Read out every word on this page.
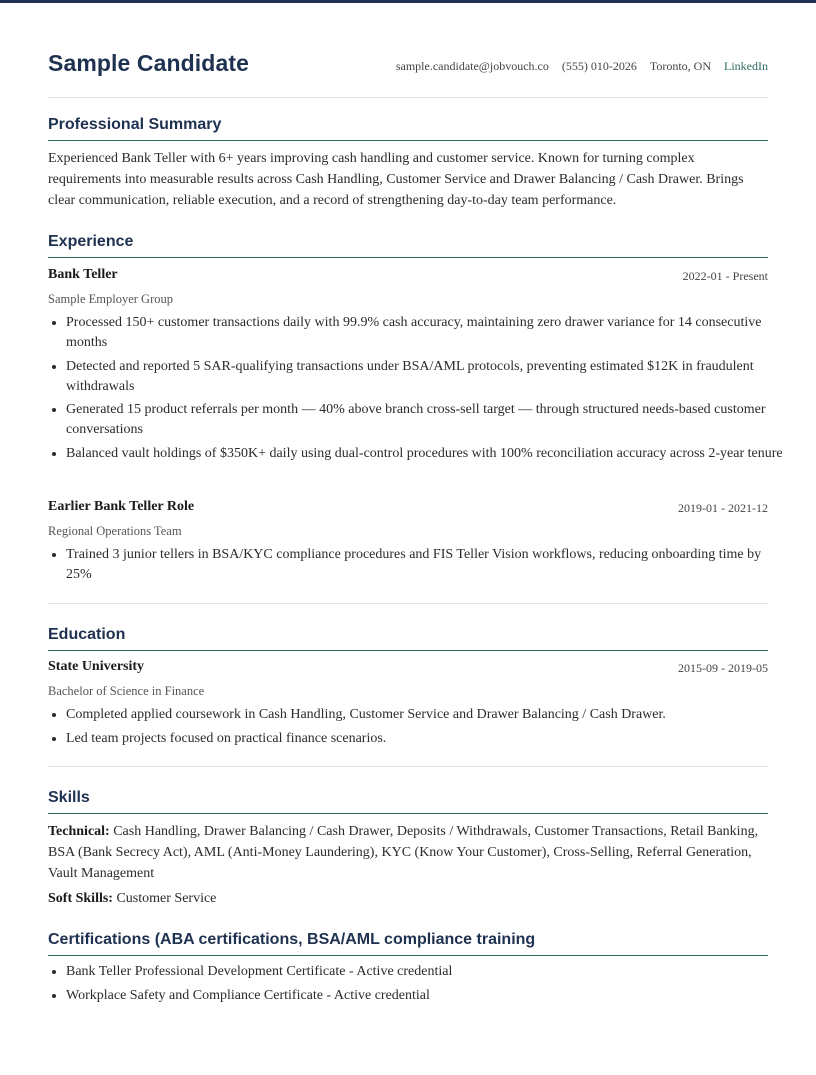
Sample Candidate	sample.candidate@jobvouch.co (555) 010-2026 Toronto, ON LinkedIn
Professional Summary

Experienced Bank Teller with 6+ years improving cash handling and customer service. Known for turning complex requirements into measurable results across Cash Handling, Customer Service and Drawer Balancing / Cash Drawer. Brings clear communication, reliable execution, and a record of strengthening day-to-day team performance.

Experience
Bank Teller	2022-01 - Present
Sample Employer Group
• Processed 150+ customer transactions daily with 99.9% cash accuracy, maintaining zero drawer variance for 14 consecutive months
• Detected and reported 5 SAR-qualifying transactions under BSA/AML protocols, preventing estimated $12K in fraudulent withdrawals
• Generated 15 product referrals per month — 40% above branch cross-sell target — through structured needs-based customer conversations
• Balanced vault holdings of $350K+ daily using dual-control procedures with 100% reconciliation accuracy across 2-year tenure
Earlier Bank Teller Role	2019-01 - 2021-12
Regional Operations Team
• Trained 3 junior tellers in BSA/KYC compliance procedures and FIS Teller Vision workflows, reducing onboarding time by 25%
Education
State University	2015-09 - 2019-05
Bachelor of Science in Finance
• Completed applied coursework in Cash Handling, Customer Service and Drawer Balancing / Cash Drawer.
• Led team projects focused on practical finance scenarios.
Skills

Technical: Cash Handling, Drawer Balancing / Cash Drawer, Deposits / Withdrawals, Customer Transactions, Retail Banking, BSA (Bank Secrecy Act), AML (Anti-Money Laundering), KYC (Know Your Customer), Cross-Selling, Referral Generation, Vault Management

Soft Skills: Customer Service

Certifications (ABA certifications, BSA/AML compliance training
• Bank Teller Professional Development Certificate - Active credential
• Workplace Safety and Compliance Certificate - Active credential
